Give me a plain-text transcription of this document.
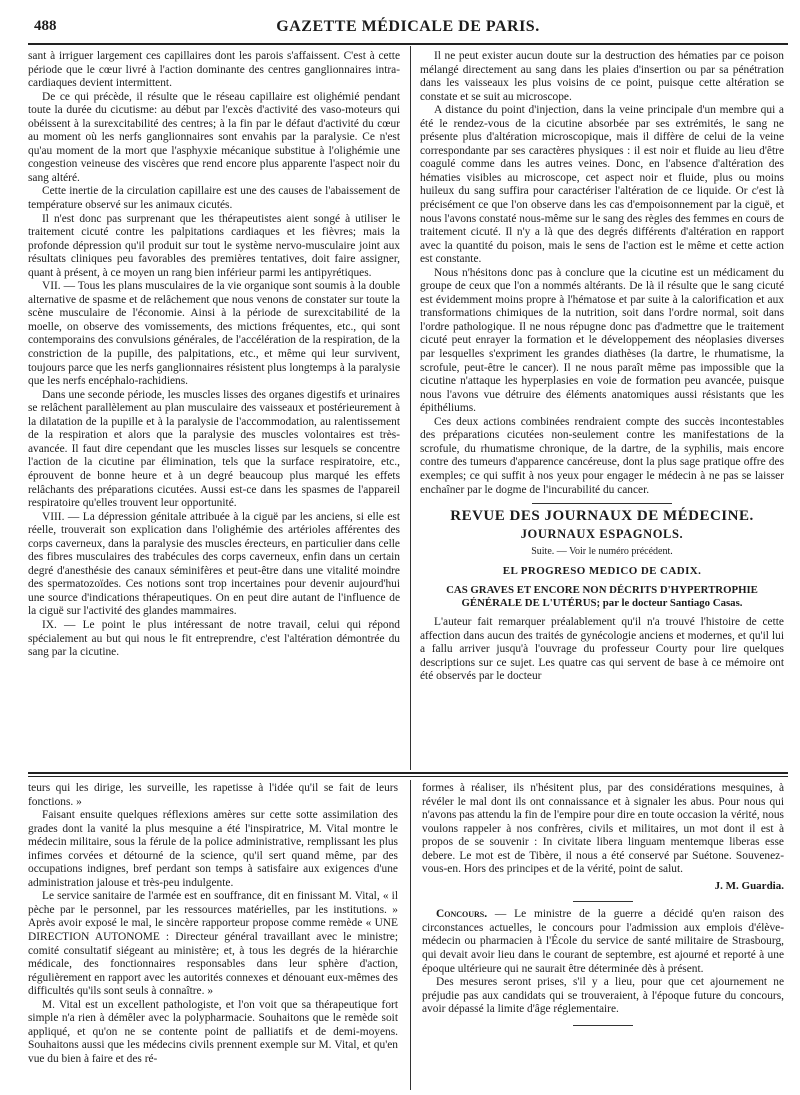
488	GAZETTE MÉDICALE DE PARIS.

sant à irriguer largement ces capillaires dont les parois s'affaissent. C'est à cette période que le cœur livré à l'action dominante des centres ganglionnaires intra-cardiaques devient intermittent.

De ce qui précède, il résulte que le réseau capillaire est olighémié pendant toute la durée du cicutisme: au début par l'excès d'activité des vaso-moteurs qui obéissent à la surexcitabilité des centres; à la fin par le défaut d'activité du cœur au moment où les nerfs ganglionnaires sont envahis par la paralysie. Ce n'est qu'au moment de la mort que l'asphyxie mécanique substitue à l'olighémie une congestion veineuse des viscères que rend encore plus apparente l'aspect noir du sang altéré.

Cette inertie de la circulation capillaire est une des causes de l'abaissement de température observé sur les animaux cicutés.

Il n'est donc pas surprenant que les thérapeutistes aient songé à utiliser le traitement cicuté contre les palpitations cardiaques et les fièvres; mais la profonde dépression qu'il produit sur tout le système nervo-musculaire joint aux résultats cliniques peu favorables des premières tentatives, doit faire assigner, quant à présent, à ce moyen un rang bien inférieur parmi les antipyrétiques.

VII. — Tous les plans musculaires de la vie organique sont soumis à la double alternative de spasme et de relâchement que nous venons de constater sur toute la scène musculaire de l'économie. Ainsi à la période de surexcitabilité de la moelle, on observe des vomissements, des mictions fréquentes, etc., qui sont contemporains des convulsions générales, de l'accélération de la respiration, de la constriction de la pupille, des palpitations, etc., et même qui leur survivent, toujours parce que les nerfs ganglionnaires résistent plus longtemps à la paralysie que les nerfs encéphalo-rachidiens.

Dans une seconde période, les muscles lisses des organes digestifs et urinaires se relâchent parallèlement au plan musculaire des vaisseaux et postérieurement à la dilatation de la pupille et à la paralysie de l'accommodation, au ralentissement de la respiration et alors que la paralysie des muscles volontaires est très-avancée. Il faut dire cependant que les muscles lisses sur lesquels se concentre l'action de la cicutine par élimination, tels que la surface respiratoire, etc., éprouvent de bonne heure et à un degré beaucoup plus marqué les effets relâchants des préparations cicutées. Aussi est-ce dans les spasmes de l'appareil respiratoire qu'elles trouvent leur opportunité.

VIII. — La dépression génitale attribuée à la ciguë par les anciens, si elle est réelle, trouverait son explication dans l'olighémie des artérioles afférentes des corps caverneux, dans la paralysie des muscles érecteurs, en particulier dans celle des fibres musculaires des trabécules des corps caverneux, enfin dans un certain degré d'anesthésie des canaux séminifères et peut-être dans une vitalité moindre des spermatozoïdes. Ces notions sont trop incertaines pour devenir aujourd'hui une source d'indications thérapeutiques. On en peut dire autant de l'influence de la ciguë sur l'activité des glandes mammaires.

IX. — Le point le plus intéressant de notre travail, celui qui répond spécialement au but qui nous le fit entreprendre, c'est l'altération démontrée du sang par la cicutine.

Il ne peut exister aucun doute sur la destruction des hématies par ce poison mélangé directement au sang dans les plaies d'insertion ou par sa pénétration dans les vaisseaux les plus voisins de ce point, puisque cette altération se constate et se suit au microscope.

A distance du point d'injection, dans la veine principale d'un membre qui a été le rendez-vous de la cicutine absorbée par ses extrémités, le sang ne présente plus d'altération microscopique, mais il diffère de celui de la veine correspondante par ses caractères physiques : il est noir et fluide au lieu d'être coagulé comme dans les autres veines. Donc, en l'absence d'altération des hématies visibles au microscope, cet aspect noir et fluide, plus ou moins huileux du sang suffira pour caractériser l'altération de ce liquide. Or c'est là précisément ce que l'on observe dans les cas d'empoisonnement par la ciguë, et nous l'avons constaté nous-même sur le sang des règles des femmes en cours de traitement cicuté. Il n'y a là que des degrés différents d'altération en rapport avec la quantité du poison, mais le sens de l'action est le même et cette action est constante.

Nous n'hésitons donc pas à conclure que la cicutine est un médicament du groupe de ceux que l'on a nommés altérants. De là il résulte que le sang cicuté est évidemment moins propre à l'hématose et par suite à la calorification et aux transformations chimiques de la nutrition, soit dans l'ordre normal, soit dans l'ordre pathologique. Il ne nous répugne donc pas d'admettre que le traitement cicuté peut enrayer la formation et le développement des néoplasies diverses par lesquelles s'expriment les grandes diathèses (la dartre, le rhumatisme, la scrofule, peut-être le cancer). Il ne nous paraît même pas impossible que la cicutine n'attaque les hyperplasies en voie de formation peu avancée, puisque nous l'avons vue détruire des éléments anatomiques aussi résistants que les épithéliums.

Ces deux actions combinées rendraient compte des succès incontestables des préparations cicutées non-seulement contre les manifestations de la scrofule, du rhumatisme chronique, de la dartre, de la syphilis, mais encore contre des tumeurs d'apparence cancéreuse, dont la plus sage pratique offre des exemples; ce qui suffit à nos yeux pour engager le médecin à ne pas se laisser enchaîner par le dogme de l'incurabilité du cancer.

REVUE DES JOURNAUX DE MÉDECINE.
JOURNAUX ESPAGNOLS.
Suite. — Voir le numéro précédent.
EL PROGRESO MEDICO DE CADIX.
CAS GRAVES ET ENCORE NON DÉCRITS D'HYPERTROPHIE GÉNÉRALE DE L'UTÉRUS; par le docteur Santiago Casas.

L'auteur fait remarquer préalablement qu'il n'a trouvé l'histoire de cette affection dans aucun des traités de gynécologie anciens et modernes, et qu'il lui a fallu arriver jusqu'à l'ouvrage du professeur Courty pour lire quelques descriptions sur ce sujet. Les quatre cas qui servent de base à ce mémoire ont été observés par le docteur

teurs qui les dirige, les surveille, les rapetisse à l'idée qu'il se fait de leurs fonctions. »

Faisant ensuite quelques réflexions amères sur cette sotte assimilation des grades dont la vanité la plus mesquine a été l'inspiratrice, M. Vital montre le médecin militaire, sous la férule de la police administrative, remplissant les plus infimes corvées et détourné de la science, qu'il sert quand même, par des occupations indignes, bref perdant son temps à satisfaire aux exigences d'une administration jalouse et très-peu indulgente.

Le service sanitaire de l'armée est en souffrance, dit en finissant M. Vital, « il pèche par le personnel, par les ressources matérielles, par les institutions. » Après avoir exposé le mal, le sincère rapporteur propose comme remède « UNE DIRECTION AUTONOME : Directeur général travaillant avec le ministre; comité consultatif siégeant au ministère; et, à tous les degrés de la hiérarchie médicale, des fonctionnaires responsables dans leur sphère d'action, régulièrement en rapport avec les autorités connexes et dénouant eux-mêmes des difficultés qu'ils sont seuls à connaître. »

M. Vital est un excellent pathologiste, et l'on voit que sa thérapeutique fort simple n'a rien à démêler avec la polypharmacie. Souhaitons que le remède soit appliqué, et qu'on ne se contente point de palliatifs et de demi-moyens. Souhaitons aussi que les médecins civils prennent exemple sur M. Vital, et qu'en vue du bien à faire et des ré-

formes à réaliser, ils n'hésitent plus, par des considérations mesquines, à révéler le mal dont ils ont connaissance et à signaler les abus. Pour nous qui n'avons pas attendu la fin de l'empire pour dire en toute occasion la vérité, nous voulons rappeler à nos confrères, civils et militaires, un mot dont il est à propos de se souvenir : In civitate libera linguam mentemque liberas esse debere. Le mot est de Tibère, il nous a été conservé par Suétone. Souvenez-vous-en. Hors des principes et de la vérité, point de salut.

J. M. Guardia.

Concours. — Le ministre de la guerre a décidé qu'en raison des circonstances actuelles, le concours pour l'admission aux emplois d'élève-médecin ou pharmacien à l'École du service de santé militaire de Strasbourg, qui devait avoir lieu dans le courant de septembre, est ajourné et reporté à une époque ultérieure qui ne saurait être déterminée dès à présent.

Des mesures seront prises, s'il y a lieu, pour que cet ajournement ne préjudie pas aux candidats qui se trouveraient, à l'époque future du concours, avoir dépassé la limite d'âge réglementaire.
